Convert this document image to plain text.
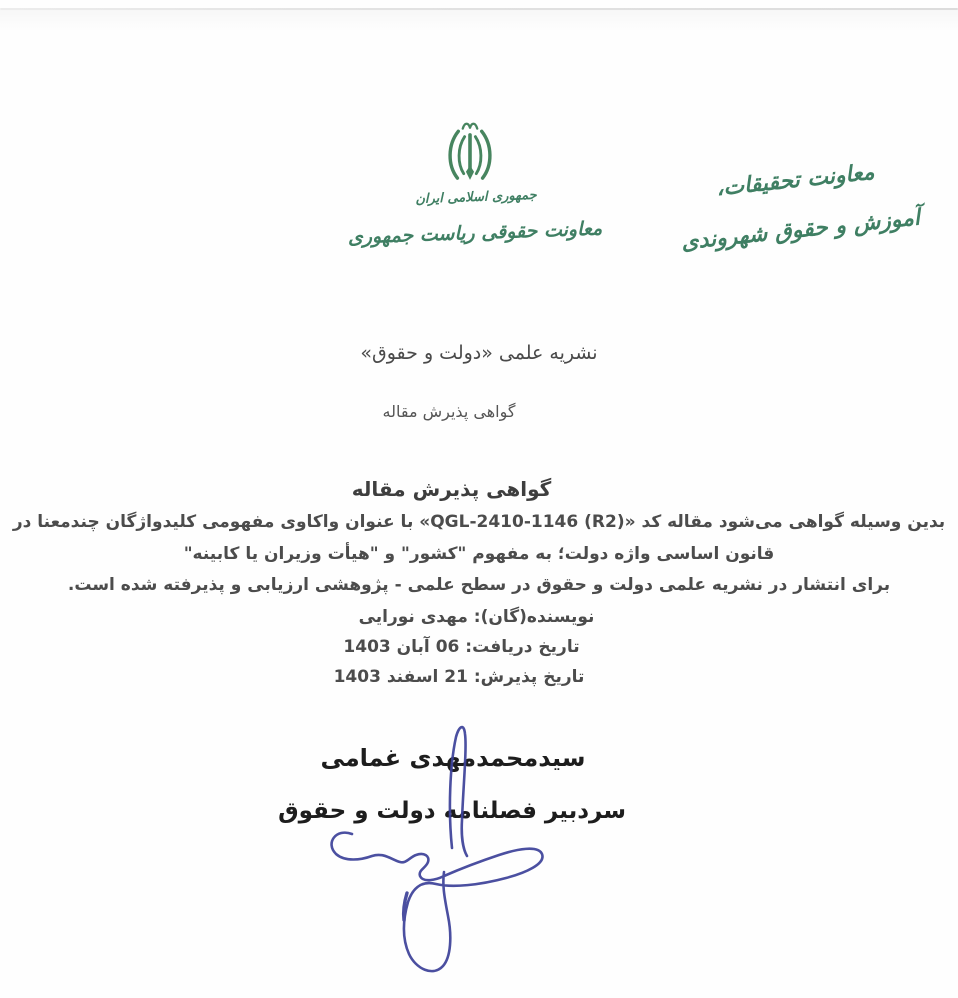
جمهوری اسلامی ایران
معاونت حقوقی ریاست جمهوری
معاونت تحقیقات،
آموزش و حقوق شهروندی
نشریه علمی «دولت و حقوق»
گواهی پذیرش مقاله
گواهی پذیرش مقاله
بدین وسیله گواهی می‌شود مقاله کد «QGL-2410-1146 (R2)» با عنوان واکاوی مفهومی کلیدواژگان چندمعنا در
قانون اساسی واژه دولت؛ به مفهوم "کشور" و "هیأت وزیران یا کابینه"
برای انتشار در نشریه علمی دولت و حقوق در سطح علمی - پژوهشی ارزیابی و پذیرفته شده است.
نویسنده(گان): مهدی نورایی
تاریخ دریافت: 06 آبان 1403
تاریخ پذیرش: 21 اسفند 1403
سیدمحمدمهدی غمامی
سردبیر فصلنامه دولت و حقوق
